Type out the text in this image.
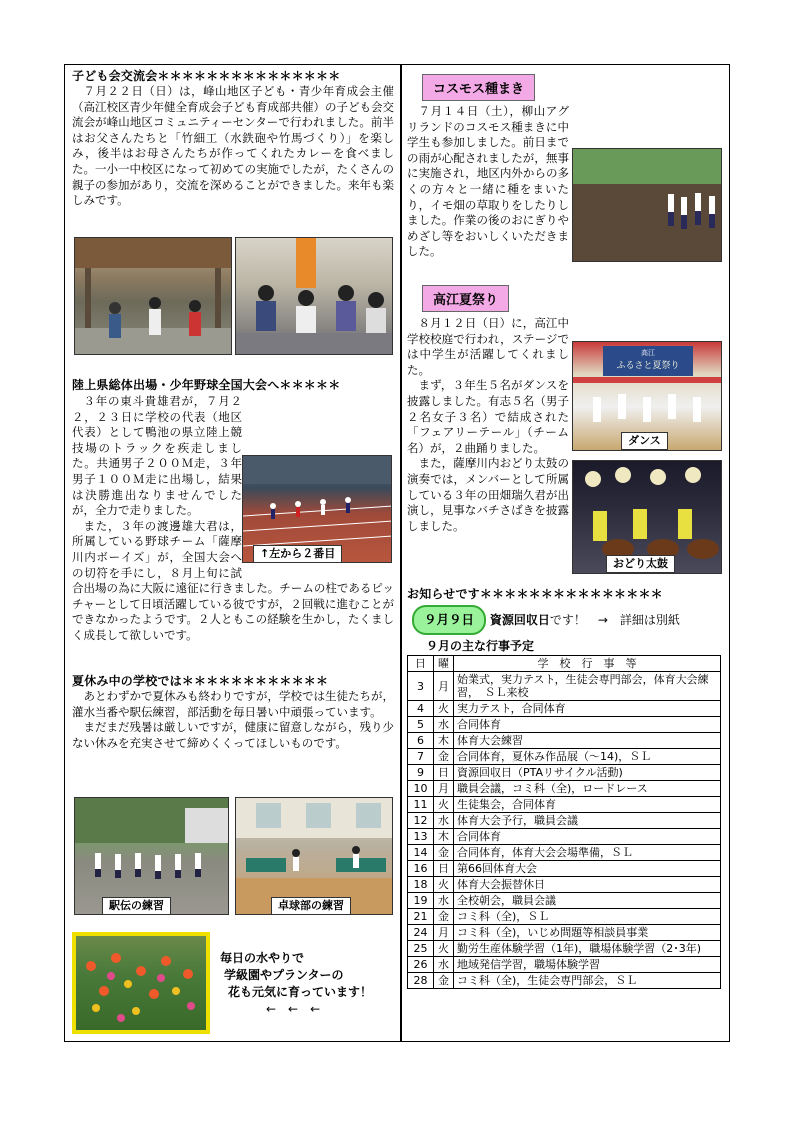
子ども会交流会＊＊＊＊＊＊＊＊＊＊＊＊＊＊＊
７月２２日（日）は，峰山地区子ども・青少年育成会主催（高江校区青少年健全育成会子ども育成部共催）の子ども会交流会が峰山地区コミュニティーセンターで行われました。前半はお父さんたちと「竹細工（水鉄砲や竹馬づくり）」を楽しみ，後半はお母さんたちが作ってくれたカレーを食べました。一小一中校区になって初めての実施でしたが，たくさんの親子の参加があり，交流を深めることができました。来年も楽しみです。
陸上県総体出場・少年野球全国大会へ＊＊＊＊＊

３年の東斗貴雄君が，７月２２，２３日に学校の代表（地区代表）として鴨池の県立陸上競技場のトラックを疾走しました。共通男子２００Ｍ走，３年男子１００Ｍ走に出場し，結果は決勝進出なりませんでしたが，全力で走りました。

また，３年の渡邊雄大君は，所属している野球チーム「薩摩川内ボーイズ」が，全国大会への切符を手にし，８月上旬に試合出場の為に大阪に遠征に行きました。チームの柱であるピッチャーとして日頃活躍している彼ですが，２回戦に進むことができなかったようです。２人ともこの経験を生かし，たくましく成長して欲しいです。

↑左から２番目
夏休み中の学校では＊＊＊＊＊＊＊＊＊＊＊＊

あとわずかで夏休みも終わりですが，学校では生徒たちが，灌水当番や駅伝練習，部活動を毎日暑い中頑張っています。

まだまだ残暑は厳しいですが，健康に留意しながら，残り少ない休みを充実させて締めくくってほしいものです。

駅伝の練習	卓球部の練習
毎日の水やりで
学級園やプランターの
花も元気に育っています！
←　←　←
コスモス種まき

７月１４日（土），柳山アグリランドのコスモス種まきに中学生も参加しました。前日までの雨が心配されましたが，無事に実施され，地区内外からの多くの方々と一緒に種をまいたり，イモ畑の草取りをしたりしました。作業の後のおにぎりやめざし等をおいしくいただきました。

高江夏祭り

８月１２日（日）に，高江中学校校庭で行われ，ステージでは中学生が活躍してくれました。

まず，３年生５名がダンスを披露しました。有志５名（男子２名女子３名）で結成された「フェアリーテール」（チーム名）が，２曲踊りました。

また，薩摩川内おどり太鼓の演奏では，メンバーとして所属している３年の田畑瑞久君が出演し，見事なバチさばきを披露しました。

高江
ふるさと夏祭り
ダンス
おどり太鼓
お知らせです＊＊＊＊＊＊＊＊＊＊＊＊＊＊＊
９月９日 資源回収日です！　→　詳細は別紙
９月の主な行事予定
日	曜	学　校　行　事　等
3	月	始業式，実力テスト，生徒会専門部会，体育大会練習，　ＳＬ来校
4	火	実力テスト，合同体育
5	水	合同体育
6	木	体育大会練習
7	金	合同体育，夏休み作品展（～14)，ＳＬ
9	日	資源回収日（PTAリサイクル活動)
10	月	職員会議，コミ科（全)，ロードレース
11	火	生徒集会，合同体育
12	水	体育大会予行，職員会議
13	木	合同体育
14	金	合同体育，体育大会会場準備，ＳＬ
16	日	第66回体育大会
18	火	体育大会振替休日
19	水	全校朝会，職員会議
21	金	コミ科（全)，ＳＬ
24	月	コミ科（全)，いじめ問題等相談員事業
25	火	勤労生産体験学習（1年)，職場体験学習（2･3年)
26	水	地域発信学習，職場体験学習
28	金	コミ科（全)，生徒会専門部会，ＳＬ
